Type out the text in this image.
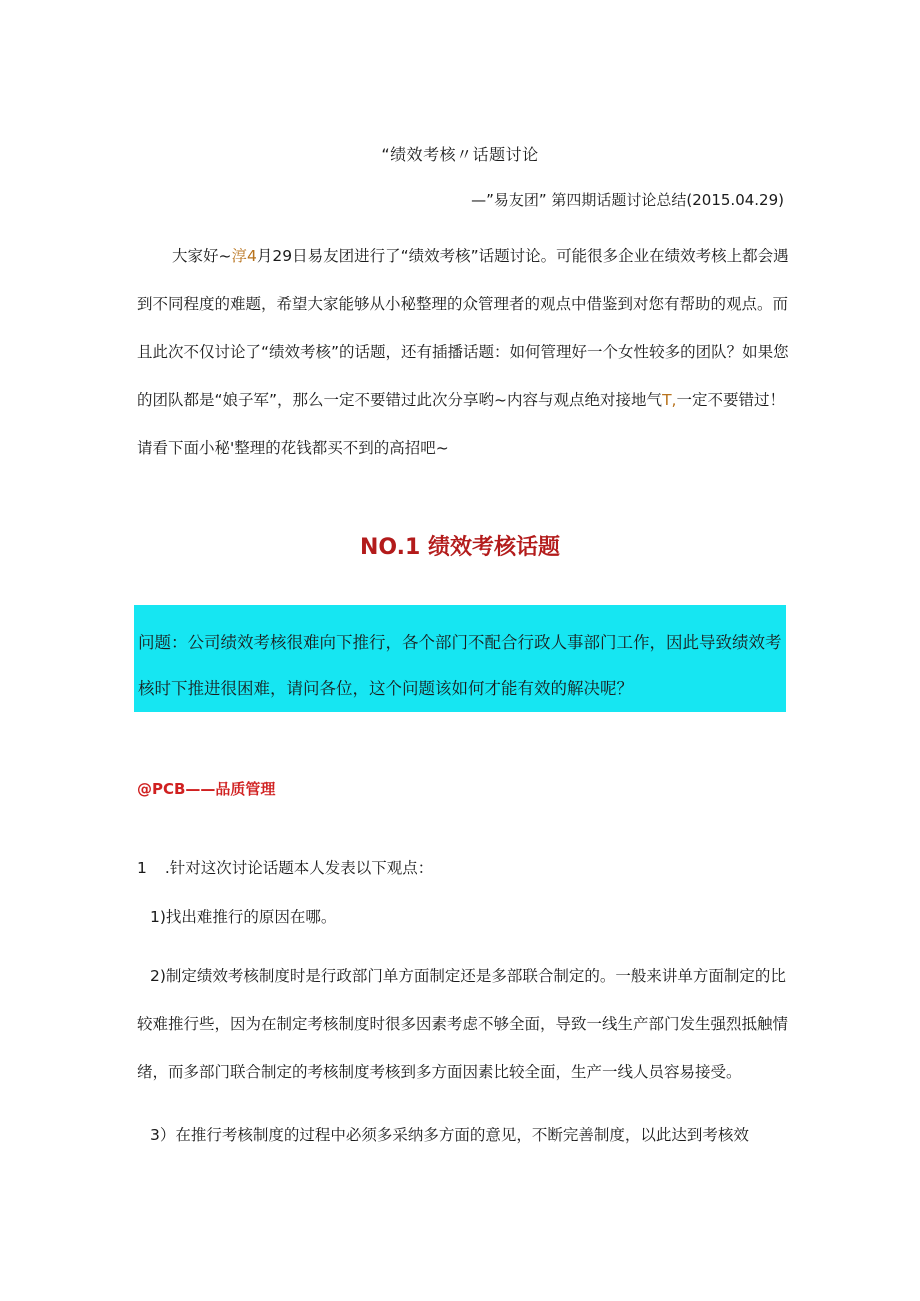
“绩效考核〃话题讨论
—”易友团” 第四期话题讨论总结(2015.04.29)

大家好~淳4月29日易友团进行了“绩效考核”话题讨论。可能很多企业在绩效考核上都会遇到不同程度的难题，希望大家能够从小秘整理的众管理者的观点中借鉴到对您有帮助的观点。而且此次不仅讨论了“绩效考核”的话题，还有插播话题：如何管理好一个女性较多的团队？如果您的团队都是“娘子军”，那么一定不要错过此次分享哟~内容与观点绝对接地气T,一定不要错过！请看下面小秘'整理的花钱都买不到的高招吧~

NO.1 绩效考核话题
问题：公司绩效考核很难向下推行，各个部门不配合行政人事部门工作，因此导致绩效考核时下推进很困难，请问各位，这个问题该如何才能有效的解决呢？
@PCB——品质管理
1 .针对这次讨论话题本人发表以下观点：
1)找出难推行的原因在哪。
2)制定绩效考核制度时是行政部门单方面制定还是多部联合制定的。一般来讲单方面制定的比较难推行些，因为在制定考核制度时很多因素考虑不够全面，导致一线生产部门发生强烈抵触情绪，而多部门联合制定的考核制度考核到多方面因素比较全面，生产一线人员容易接受。
3）在推行考核制度的过程中必须多采纳多方面的意见，不断完善制度，以此达到考核效
